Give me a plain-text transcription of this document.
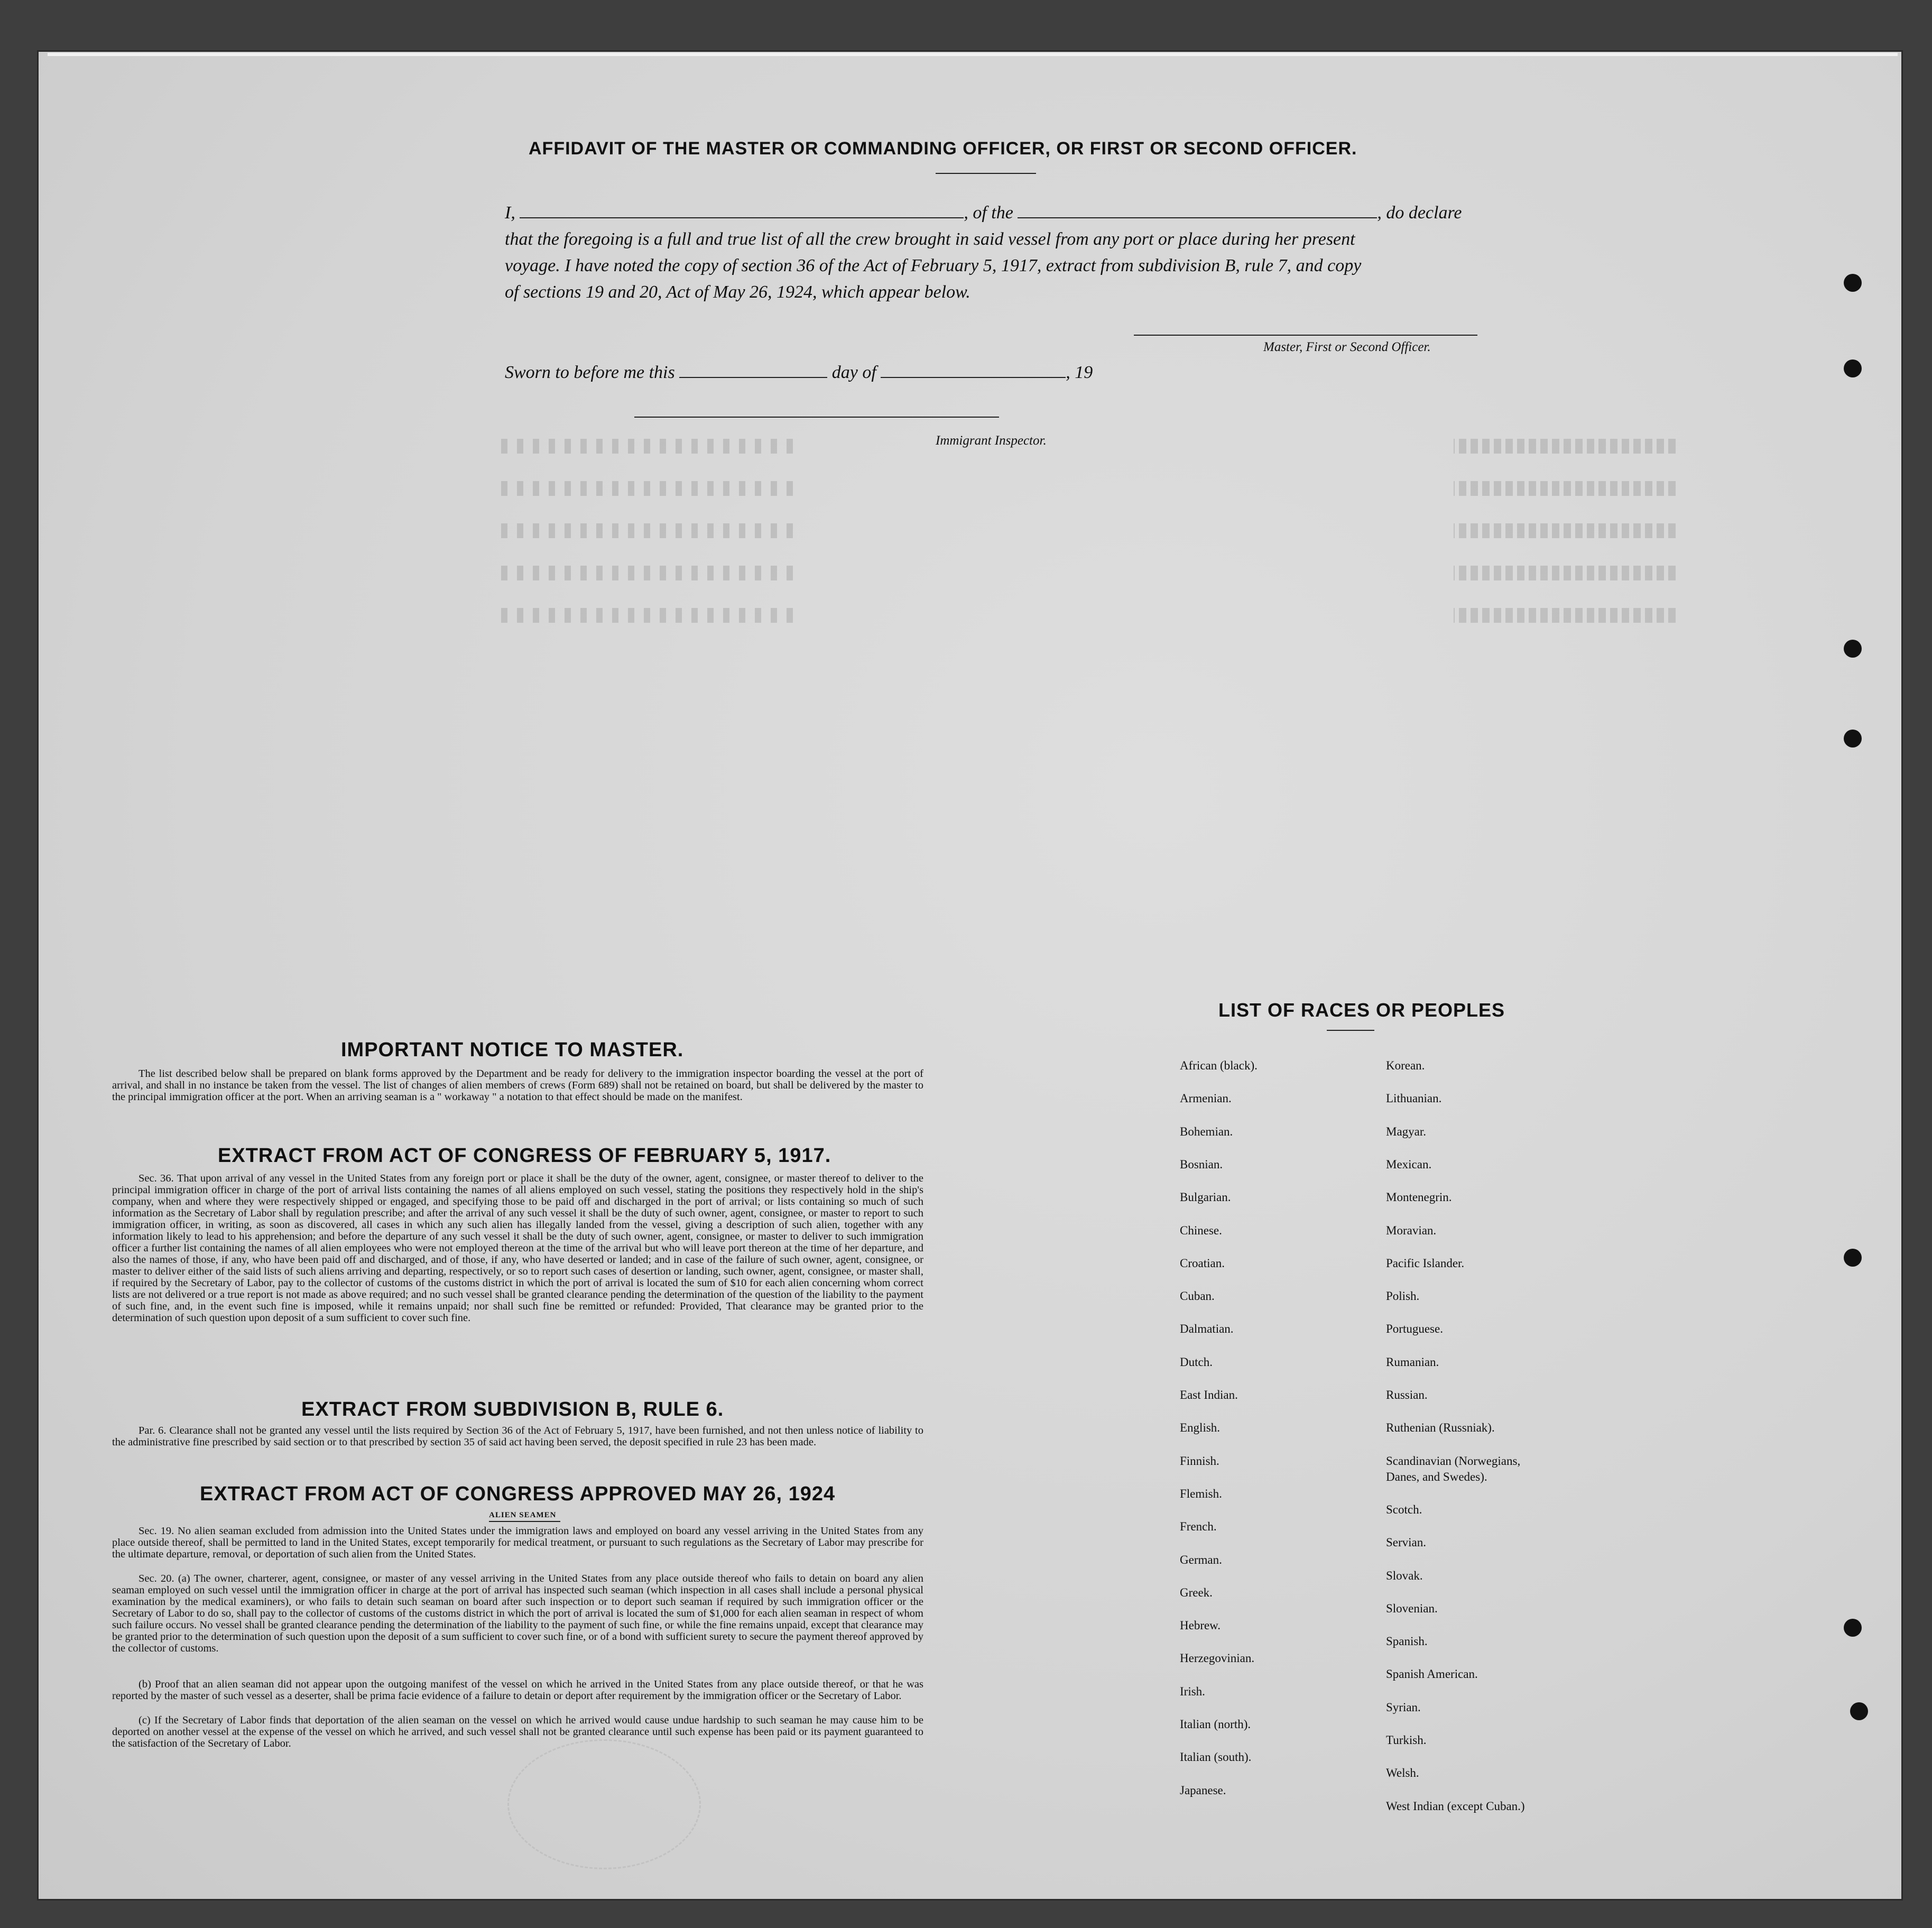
AFFIDAVIT OF THE MASTER OR COMMANDING OFFICER, OR FIRST OR SECOND OFFICER.
I,	, of the	, do declare
that the foregoing is a full and true list of all the crew brought in said vessel from any port or place during her present
voyage. I have noted the copy of section 36 of the Act of February 5, 1917, extract from subdivision B, rule 7, and copy
of sections 19 and 20, Act of May 26, 1924, which appear below.
Master, First or Second Officer.
Sworn to before me this	day of	, 19
Immigrant Inspector.
IMPORTANT NOTICE TO MASTER.
The list described below shall be prepared on blank forms approved by the Department and be ready for delivery to the immigration inspector boarding the vessel at the port of arrival, and shall in no instance be taken from the vessel. The list of changes of alien members of crews (Form 689) shall not be retained on board, but shall be delivered by the master to the principal immigration officer at the port. When an arriving seaman is a " workaway " a notation to that effect should be made on the manifest.
EXTRACT FROM ACT OF CONGRESS OF FEBRUARY 5, 1917.
Sec. 36. That upon arrival of any vessel in the United States from any foreign port or place it shall be the duty of the owner, agent, consignee, or master thereof to deliver to the principal immigration officer in charge of the port of arrival lists containing the names of all aliens employed on such vessel, stating the positions they respectively hold in the ship's company, when and where they were respectively shipped or engaged, and specifying those to be paid off and discharged in the port of arrival; or lists containing so much of such information as the Secretary of Labor shall by regulation prescribe; and after the arrival of any such vessel it shall be the duty of such owner, agent, consignee, or master to report to such immigration officer, in writing, as soon as discovered, all cases in which any such alien has illegally landed from the vessel, giving a description of such alien, together with any information likely to lead to his apprehension; and before the departure of any such vessel it shall be the duty of such owner, agent, consignee, or master to deliver to such immigration officer a further list containing the names of all alien employees who were not employed thereon at the time of the arrival but who will leave port thereon at the time of her departure, and also the names of those, if any, who have been paid off and discharged, and of those, if any, who have deserted or landed; and in case of the failure of such owner, agent, consignee, or master to deliver either of the said lists of such aliens arriving and departing, respectively, or so to report such cases of desertion or landing, such owner, agent, consignee, or master shall, if required by the Secretary of Labor, pay to the collector of customs of the customs district in which the port of arrival is located the sum of $10 for each alien concerning whom correct lists are not delivered or a true report is not made as above required; and no such vessel shall be granted clearance pending the determination of the question of the liability to the payment of such fine, and, in the event such fine is imposed, while it remains unpaid; nor shall such fine be remitted or refunded: Provided, That clearance may be granted prior to the determination of such question upon deposit of a sum sufficient to cover such fine.
EXTRACT FROM SUBDIVISION B, RULE 6.
Par. 6. Clearance shall not be granted any vessel until the lists required by Section 36 of the Act of February 5, 1917, have been furnished, and not then unless notice of liability to the administrative fine prescribed by said section or to that prescribed by section 35 of said act having been served, the deposit specified in rule 23 has been made.
EXTRACT FROM ACT OF CONGRESS APPROVED MAY 26, 1924
ALIEN SEAMEN
Sec. 19. No alien seaman excluded from admission into the United States under the immigration laws and employed on board any vessel arriving in the United States from any place outside thereof, shall be permitted to land in the United States, except temporarily for medical treatment, or pursuant to such regulations as the Secretary of Labor may prescribe for the ultimate departure, removal, or deportation of such alien from the United States.
Sec. 20. (a) The owner, charterer, agent, consignee, or master of any vessel arriving in the United States from any place outside thereof who fails to detain on board any alien seaman employed on such vessel until the immigration officer in charge at the port of arrival has inspected such seaman (which inspection in all cases shall include a personal physical examination by the medical examiners), or who fails to detain such seaman on board after such inspection or to deport such seaman if required by such immigration officer or the Secretary of Labor to do so, shall pay to the collector of customs of the customs district in which the port of arrival is located the sum of $1,000 for each alien seaman in respect of whom such failure occurs. No vessel shall be granted clearance pending the determination of the liability to the payment of such fine, or while the fine remains unpaid, except that clearance may be granted prior to the determination of such question upon the deposit of a sum sufficient to cover such fine, or of a bond with sufficient surety to secure the payment thereof approved by the collector of customs.
(b) Proof that an alien seaman did not appear upon the outgoing manifest of the vessel on which he arrived in the United States from any place outside thereof, or that he was reported by the master of such vessel as a deserter, shall be prima facie evidence of a failure to detain or deport after requirement by the immigration officer or the Secretary of Labor.
(c) If the Secretary of Labor finds that deportation of the alien seaman on the vessel on which he arrived would cause undue hardship to such seaman he may cause him to be deported on another vessel at the expense of the vessel on which he arrived, and such vessel shall not be granted clearance until such expense has been paid or its payment guaranteed to the satisfaction of the Secretary of Labor.
LIST OF RACES OR PEOPLES
African (black).
Armenian.
Bohemian.
Bosnian.
Bulgarian.
Chinese.
Croatian.
Cuban.
Dalmatian.
Dutch.
East Indian.
English.
Finnish.
Flemish.
French.
German.
Greek.
Hebrew.
Herzegovinian.
Irish.
Italian (north).
Italian (south).
Japanese.
Korean.
Lithuanian.
Magyar.
Mexican.
Montenegrin.
Moravian.
Pacific Islander.
Polish.
Portuguese.
Rumanian.
Russian.
Ruthenian (Russniak).
Scandinavian (Norwegians,
Danes, and Swedes).
Scotch.
Servian.
Slovak.
Slovenian.
Spanish.
Spanish American.
Syrian.
Turkish.
Welsh.
West Indian (except Cuban.)
